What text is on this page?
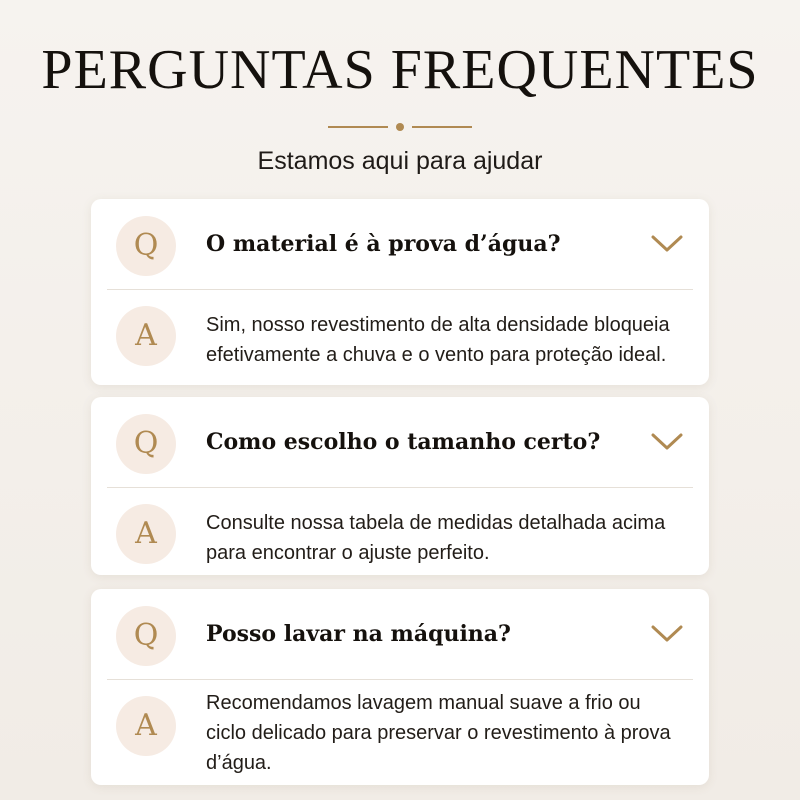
PERGUNTAS FREQUENTES
Estamos aqui para ajudar
Q	O material é à prova d’água?
A	Sim, nosso revestimento de alta densidade bloqueia efetivamente a chuva e o vento para proteção ideal.
Q	Como escolho o tamanho certo?
A	Consulte nossa tabela de medidas detalhada acima para encontrar o ajuste perfeito.
Q	Posso lavar na máquina?
A
Recomendamos lavagem manual suave a frio ou ciclo delicado para preservar o revestimento à prova d’água.
